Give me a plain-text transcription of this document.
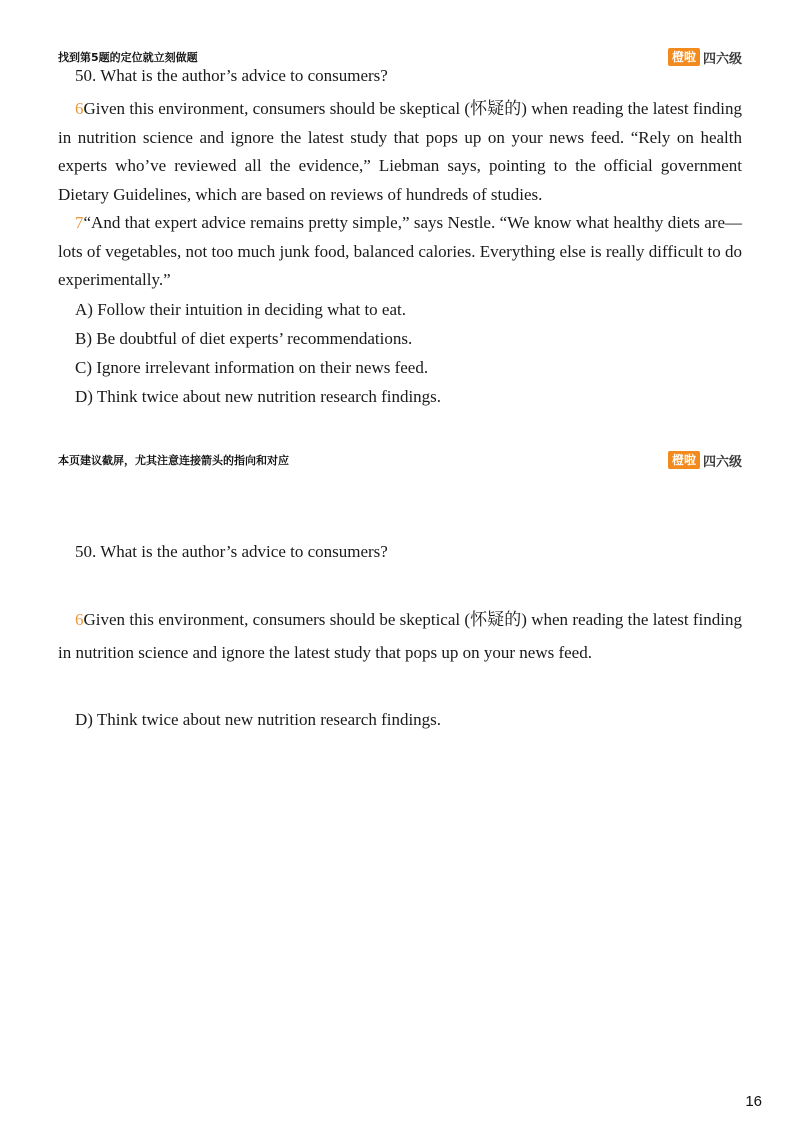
找到第5题的定位就立刻做题	橙啦 四六级
50. What is the author’s advice to consumers?

6Given this environment, consumers should be skeptical (怀疑的) when reading the latest finding in nutrition science and ignore the latest study that pops up on your news feed. “Rely on health experts who’ve reviewed all the evidence,” Liebman says, pointing to the official government Dietary Guidelines, which are based on reviews of hundreds of studies.

7“And that expert advice remains pretty simple,” says Nestle. “We know what healthy diets are—lots of vegetables, not too much junk food, balanced calories. Everything else is really difficult to do experimentally.”

A) Follow their intuition in deciding what to eat.
B) Be doubtful of diet experts’ recommendations.
C) Ignore irrelevant information on their news feed.
D) Think twice about new nutrition research findings.
本页建议截屏，尤其注意连接箭头的指向和对应	橙啦 四六级
50. What is the author’s advice to consumers?

6Given this environment, consumers should be skeptical (怀疑的) when reading the latest finding in nutrition science and ignore the latest study that pops up on your news feed.

D) Think twice about new nutrition research findings.
16
